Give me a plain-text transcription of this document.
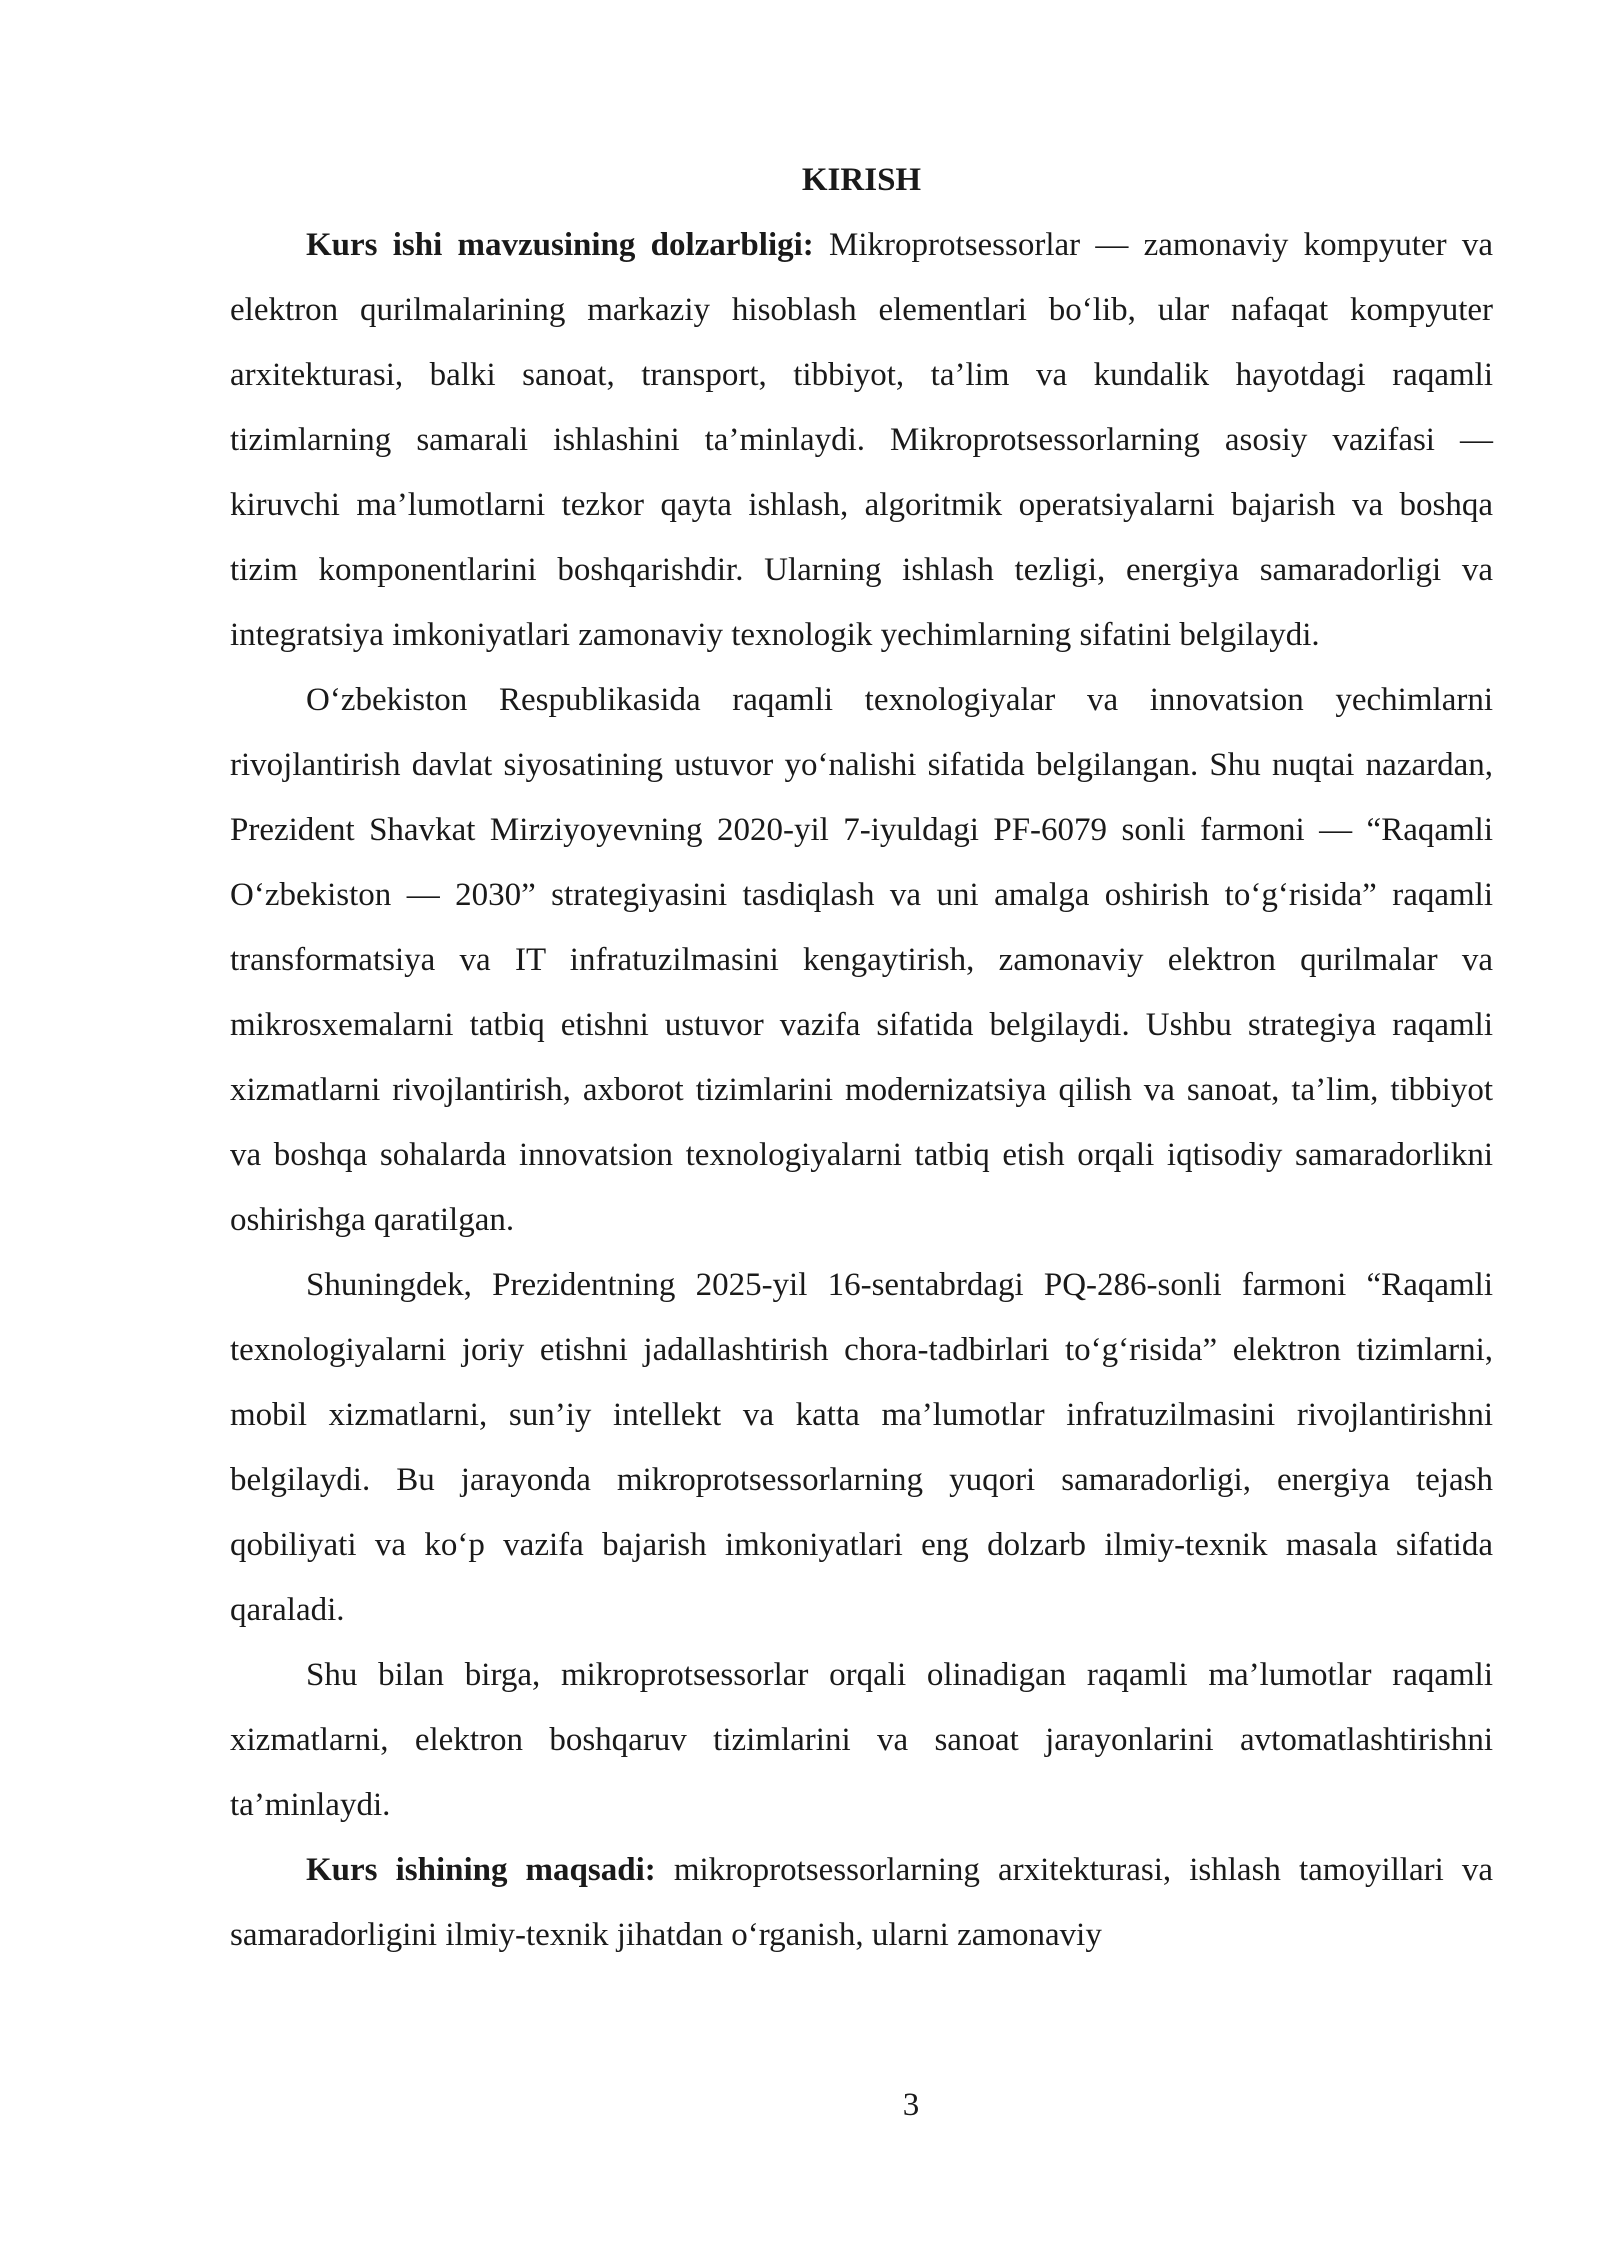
KIRISH

Kurs ishi mavzusining dolzarbligi: Mikroprotsessorlar — zamonaviy kompyuter va elektron qurilmalarining markaziy hisoblash elementlari bo‘lib, ular nafaqat kompyuter arxitekturasi, balki sanoat, transport, tibbiyot, ta’lim va kundalik hayotdagi raqamli tizimlarning samarali ishlashini ta’minlaydi. Mikroprotsessorlarning asosiy vazifasi — kiruvchi ma’lumotlarni tezkor qayta ishlash, algoritmik operatsiyalarni bajarish va boshqa tizim komponentlarini boshqarishdir. Ularning ishlash tezligi, energiya samaradorligi va integratsiya imkoniyatlari zamonaviy texnologik yechimlarning sifatini belgilaydi.

O‘zbekiston Respublikasida raqamli texnologiyalar va innovatsion yechimlarni rivojlantirish davlat siyosatining ustuvor yo‘nalishi sifatida belgilangan. Shu nuqtai nazardan, Prezident Shavkat Mirziyoyevning 2020-yil 7-iyuldagi PF-6079 sonli farmoni — “Raqamli O‘zbekiston — 2030” strategiyasini tasdiqlash va uni amalga oshirish to‘g‘risida” raqamli transformatsiya va IT infratuzilmasini kengaytirish, zamonaviy elektron qurilmalar va mikrosxemalarni tatbiq etishni ustuvor vazifa sifatida belgilaydi. Ushbu strategiya raqamli xizmatlarni rivojlantirish, axborot tizimlarini modernizatsiya qilish va sanoat, ta’lim, tibbiyot va boshqa sohalarda innovatsion texnologiyalarni tatbiq etish orqali iqtisodiy samaradorlikni oshirishga qaratilgan.

Shuningdek, Prezidentning 2025-yil 16-sentabrdagi PQ-286-sonli farmoni “Raqamli texnologiyalarni joriy etishni jadallashtirish chora-tadbirlari to‘g‘risida” elektron tizimlarni, mobil xizmatlarni, sun’iy intellekt va katta ma’lumotlar infratuzilmasini rivojlantirishni belgilaydi. Bu jarayonda mikroprotsessorlarning yuqori samaradorligi, energiya tejash qobiliyati va ko‘p vazifa bajarish imkoniyatlari eng dolzarb ilmiy-texnik masala sifatida qaraladi.

Shu bilan birga, mikroprotsessorlar orqali olinadigan raqamli ma’lumotlar raqamli xizmatlarni, elektron boshqaruv tizimlarini va sanoat jarayonlarini avtomatlashtirishni ta’minlaydi.

Kurs ishining maqsadi: mikroprotsessorlarning arxitekturasi, ishlash tamoyillari va samaradorligini ilmiy-texnik jihatdan o‘rganish, ularni zamonaviy

3
